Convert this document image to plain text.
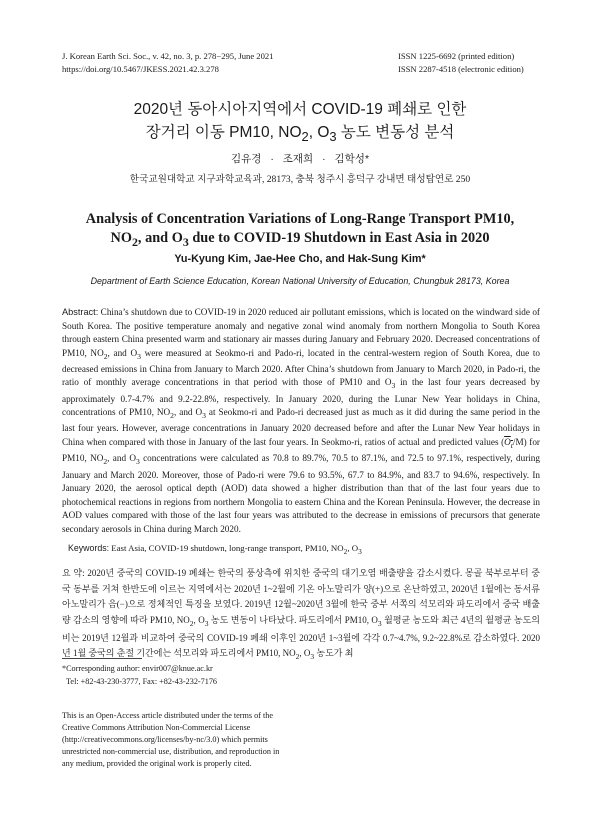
J. Korean Earth Sci. Soc., v. 42, no. 3, p. 278−295, June 2021
https://doi.org/10.5467/JKESS.2021.42.3.278
ISSN 1225-6692 (printed edition)
ISSN 2287-4518 (electronic edition)
2020년 동아시아지역에서 COVID-19 폐쇄로 인한
장거리 이동 PM10, $NO_2$, $O_3$ 농도 변동성 분석
김유경 · 조재희 · 김학성*
한국교원대학교 지구과학교육과, 28173, 충북 청주시 흥덕구 강내면 태성탑연로 250
Analysis of Concentration Variations of Long-Range Transport PM10,
$NO_2$, and $O_3$ due to COVID-19 Shutdown in East Asia in 2020
Yu-Kyung Kim, Jae-Hee Cho, and Hak-Sung Kim*
Department of Earth Science Education, Korean National University of Education, Chungbuk 28173, Korea
Abstract: China’s shutdown due to COVID-19 in 2020 reduced air pollutant emissions, which is located on the windward side of South Korea. The positive temperature anomaly and negative zonal wind anomaly from northern Mongolia to South Korea through eastern China presented warm and stationary air masses during January and February 2020. Decreased concentrations of PM10, $NO_2$, and $O_3$ were measured at Seokmo-ri and Pado-ri, located in the central-western region of South Korea, due to decreased emissions in China from January to March 2020. After China’s shutdown from January to March 2020, in Pado-ri, the ratio of monthly average concentrations in that period with those of PM10 and $O_3$ in the last four years decreased by approximately 0.7-4.7% and 9.2-22.8%, respectively. In January 2020, during the Lunar New Year holidays in China, concentrations of PM10, $NO_2$, and $O_3$ at Seokmo-ri and Pado-ri decreased just as much as it did during the same period in the last four years. However, average concentrations in January 2020 decreased before and after the Lunar New Year holidays in China when compared with those in January of the last four years. In Seokmo-ri, ratios of actual and predicted values $(O_t/M)$ for PM10, $NO_2$, and $O_3$ concentrations were calculated as 70.8 to 89.7%, 70.5 to 87.1%, and 72.5 to 97.1%, respectively, during January and March 2020. Moreover, those of Pado-ri were 79.6 to 93.5%, 67.7 to 84.9%, and 83.7 to 94.6%, respectively. In January 2020, the aerosol optical depth (AOD) data showed a higher distribution than that of the last four years due to photochemical reactions in regions from northern Mongolia to eastern China and the Korean Peninsula. However, the decrease in AOD values compared with those of the last four years was attributed to the decrease in emissions of precursors that generate secondary aerosols in China during March 2020.
Keywords: East Asia, COVID-19 shutdown, long-range transport, PM10, $NO_2$, $O_3$
요 약: 2020년 중국의 COVID-19 폐쇄는 한국의 풍상측에 위치한 중국의 대기오염 배출량을 감소시켰다. 몽골 북부로부터 중국 동부를 거쳐 한반도에 이르는 지역에서는 2020년 1~2월에 기온 아노말리가 양(+)으로 온난하였고, 2020년 1월에는 동서류 아노말리가 음(−)으로 정체적인 특징을 보였다. 2019년 12월~2020년 3월에 한국 중부 서쪽의 석모리와 파도리에서 중국 배출량 감소의 영향에 따라 PM10, $NO_2$, $O_3$ 농도 변동이 나타났다. 파도리에서 PM10, $O_3$ 월평균 농도와 최근 4년의 월평균 농도의 비는 2019년 12월과 비교하여 중국의 COVID-19 폐쇄 이후인 2020년 1~3월에 각각 0.7~4.7%, 9.2~22.8%로 감소하였다. 2020년 1월 중국의 춘절 기간에는 석모리와 파도리에서 PM10, $NO_2$, $O_3$ 농도가 최
*Corresponding author: envir007@knue.ac.kr
Tel: +82-43-230-3777, Fax: +82-43-232-7176
This is an Open-Access article distributed under the terms of the Creative Commons Attribution Non-Commercial License (http://creativecommons.org/licenses/by-nc/3.0) which permits unrestricted non-commercial use, distribution, and reproduction in any medium, provided the original work is properly cited.
